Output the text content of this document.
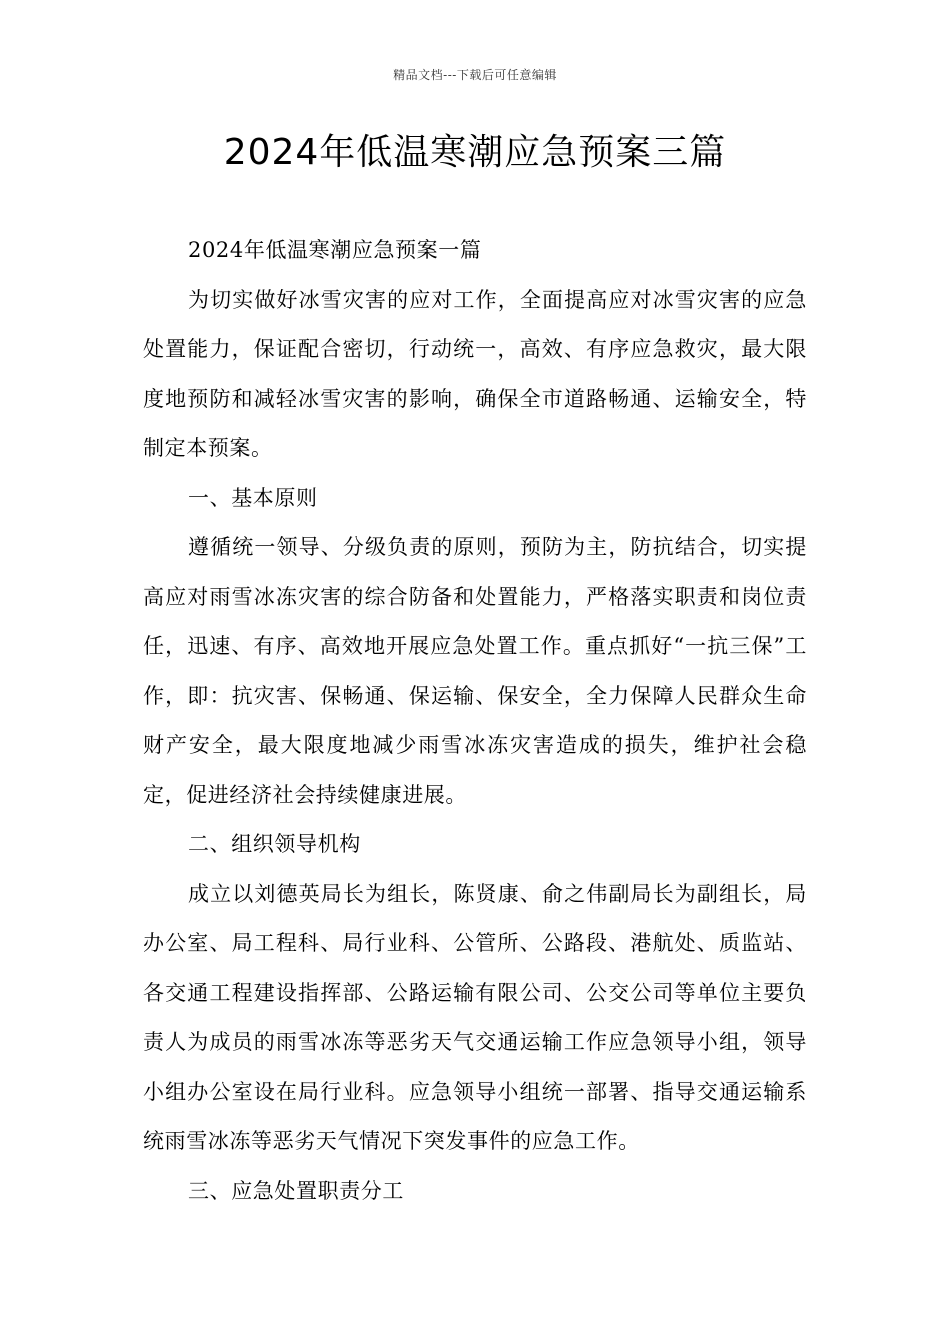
精品文档---下载后可任意编辑
2024年低温寒潮应急预案三篇

2024年低温寒潮应急预案一篇

为切实做好冰雪灾害的应对工作，全面提高应对冰雪灾害的应急处置能力，保证配合密切，行动统一，高效、有序应急救灾，最大限度地预防和减轻冰雪灾害的影响，确保全市道路畅通、运输安全，特制定本预案。

一、基本原则

遵循统一领导、分级负责的原则，预防为主，防抗结合，切实提高应对雨雪冰冻灾害的综合防备和处置能力，严格落实职责和岗位责任，迅速、有序、高效地开展应急处置工作。重点抓好“一抗三保”工作，即：抗灾害、保畅通、保运输、保安全，全力保障人民群众生命财产安全，最大限度地减少雨雪冰冻灾害造成的损失，维护社会稳定，促进经济社会持续健康进展。

二、组织领导机构

成立以刘德英局长为组长，陈贤康、俞之伟副局长为副组长，局办公室、局工程科、局行业科、公管所、公路段、港航处、质监站、各交通工程建设指挥部、公路运输有限公司、公交公司等单位主要负责人为成员的雨雪冰冻等恶劣天气交通运输工作应急领导小组，领导小组办公室设在局行业科。应急领导小组统一部署、指导交通运输系统雨雪冰冻等恶劣天气情况下突发事件的应急工作。

三、应急处置职责分工
